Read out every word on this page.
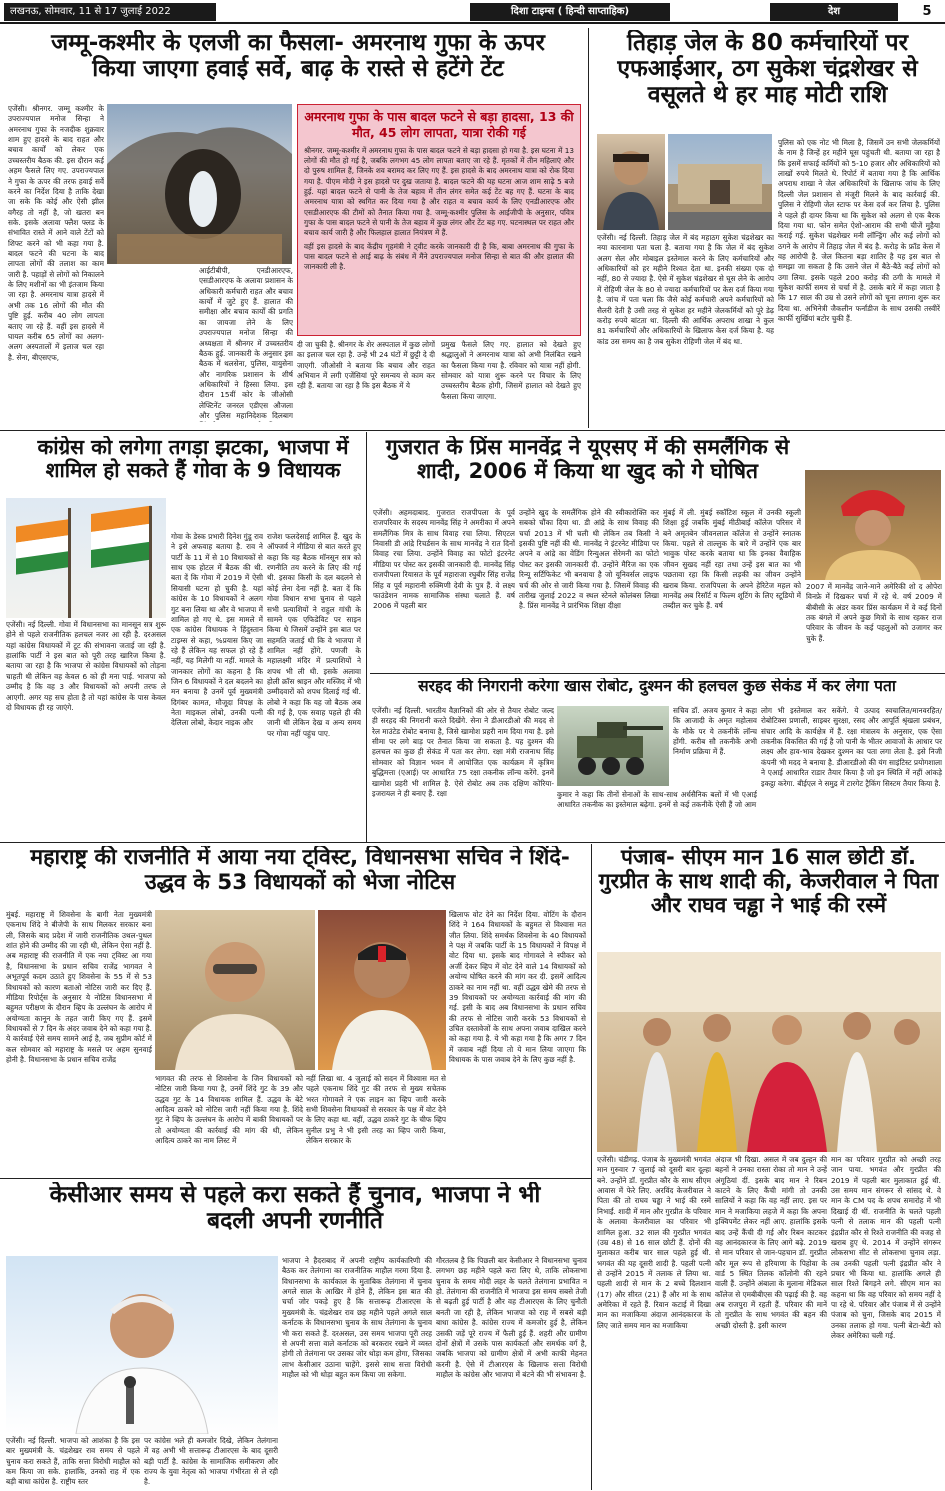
लखनऊ, सोमवार, 11 से 17 जुलाई 2022	दिशा टाइम्स ( हिन्दी साप्ताहिक)	देश	5
जम्मू-कश्मीर के एलजी का फैसला- अमरनाथ गुफा के ऊपर किया जाएगा हवाई सर्वे, बाढ़ के रास्ते से हटेंगे टेंट
एजेंसी। श्रीनगर. जम्मू कश्मीर के उपराज्यपाल मनोज सिन्हा ने अमरनाथ गुफा के नजदीक शुक्रवार शाम हुए हादसे के बाद राहत और बचाव कार्यों को लेकर एक उच्चस्तरीय बैठक की. इस दौरान कई अहम फैसले लिए गए. उपराज्यपाल ने गुफा के ऊपर की तरफ हवाई सर्वे करने का निर्देश दिया है ताकि देखा जा सके कि कोई और ऐसी झील वगैरह तो नहीं है, जो खतरा बन सके. इसके अलावा फ्लैश फ्लड के संभावित रास्ते में आने वाले टेंटों को शिफ्ट करने को भी कहा गया है. बादल फटने की घटना के बाद लापता लोगों की तलाश का काम जारी है. पहाड़ों से लोगों को निकालने के लिए मशीनों का भी इंतजाम किया जा रहा है. अमरनाथ यात्रा हादसे में अभी तक 16 लोगों की मौत की पुष्टि हुई. करीब 40 लोग लापता बताए जा रहे हैं. वहीं इस हादसे में घायल करीब 65 लोगों का अलग-अलग अस्पतालों में इलाज चल रहा है. सेना, बीएसएफ,
आईटीबीपी, एनडीआरएफ, एसडीआरएफ के अलावा प्रशासन के अधिकारी कर्मचारी राहत और बचाव कार्यों में जुटे हुए हैं. हालात की समीक्षा और बचाव कार्यों की प्रगति का जायजा लेने के लिए उपराज्यपाल मनोज सिन्हा की अध्यक्षता में श्रीनगर में उच्चस्तरीय बैठक हुई. जानकारी के अनुसार इस बैठक में थलसेना, पुलिस, वायुसेना और नागरिक प्रशासन के शीर्ष अधिकारियों ने हिस्सा लिया. इस दौरान 15वीं कोर के जीओसी लेफ्टिनेंट जनरल एडीएस औजला और पुलिस महानिदेशक दिलबाग
अमरनाथ गुफा के पास बादल फटने से बड़ा हादसा, 13 की मौत, 45 लोग लापता, यात्रा रोकी गई

श्रीनगर. जम्मू-कश्मीर में अमरनाथ गुफा के पास बादल फटने से बड़ा हादसा हो गया है. इस घटना में 13 लोगों की मौत हो गई है, जबकि लगभग 45 लोग लापता बताए जा रहे हैं. मृतकों में तीन महिलाएं और दो पुरुष शामिल हैं, जिनके शव बरामद कर लिए गए हैं. इस हादसे के बाद अमरनाथ यात्रा को रोक दिया गया है. पीएम मोदी ने इस हादसे पर दुख जताया है. बादल फटने की यह घटना आज शाम साढ़े 5 बजे हुई. यहां बादल फटने से पानी के तेज बहाव में तीन लंगर समेत कई टेंट बह गए हैं. घटना के बाद अमरनाथ यात्रा को स्थगित कर दिया गया है और राहत व बचाव कार्य के लिए एनडीआरएफ और एसडीआरएफ की टीमों को तैनात किया गया है. जम्मू-कश्मीर पुलिस के आईजीपी के अनुसार, पवित्र गुफा के पास बादल फटने से पानी के तेज बहाव में कुछ लंगर और टेंट बह गए. घटनास्थल पर राहत और बचाव कार्य जारी है और फिलहाल हालात नियंत्रण में हैं.

वहीं इस हादसे के बाद केंद्रीय गृहमंत्री ने ट्वीट करके जानकारी दी है कि, बाबा अमरनाथ की गुफा के पास बादल फटने से आई बाढ़ के संबंध में मैंने उपराज्यपाल मनोज सिन्हा से बात की और हालात की जानकारी ली है.

दी जा चुकी है. श्रीनगर के शेर अस्पताल में कुछ लोगों का इलाज चल रहा है. उन्हें भी 24 घंटों में छुट्टी दे दी जाएगी. जीओसी ने बताया कि बचाव और राहत अभियान में लगी एजेंसियां पूरे समन्वय से काम कर रही हैं. बताया जा रहा है कि इस बैठक में ये
प्रमुख फैसले लिए गए. हालात को देखते हुए श्रद्धालुओं ने अमरनाथ यात्रा को अभी निलंबित रखने का फैसला किया गया है. रविवार को यात्रा नहीं होगी. सोमवार को यात्रा शुरू करने पर विचार के लिए उच्चस्तरीय बैठक होगी, जिसमें हालात को देखते हुए फैसला किया जाएगा.
तिहाड़ जेल के 80 कर्मचारियों पर एफआईआर, ठग सुकेश चंद्रशेखर से वसूलते थे हर माह मोटी राशि
एजेंसी। नई दिल्ली. तिहाड़ जेल में बंद महाठग सुकेश चंद्रशेखर का नया कारनामा पता चला है. बताया गया है कि जेल में बंद सुकेश अलग सेल और मोबाइल इस्तेमाल करने के लिए कर्मचारियों और अधिकारियों को हर महीने रिश्वत देता था. इनकी संख्या एक दो नहीं, 80 से ज्यादा है. ऐसे में सुकेश चंद्रशेखर से घूस लेने के आरोप में रोहिणी जेल के 80 से ज्यादा कर्मचारियों पर केस दर्ज किया गया है. जांच में पता चला कि जैसे कोई कर्मचारी अपने कर्मचारियों को सैलरी देती है उसी तरह से सुकेश हर महीने जेलकर्मियों को पूरे डेढ़ करोड़ रुपये बांटता था. दिल्ली की आर्थिक अपराध शाखा ने कुल 81 कर्मचारियों और अधिकारियों के खिलाफ केस दर्ज किया है. यह कांड उस समय का है जब सुकेश रोहिणी जेल में बंद था.
पुलिस को एक नोट भी मिला है, जिसमें उन सभी जेलकर्मियों के नाम है जिन्हें हर महीने घूस पहुंचती थी. बताया जा रहा है कि इसमें सफाई कर्मियों को 5-10 हजार और अधिकारियों को लाखों रुपये मिलते थे. रिपोर्ट में बताया गया है कि आर्थिक अपराध शाखा ने जेल अधिकारियों के खिलाफ जांच के लिए दिल्ली जेल प्रशासन से मंजूरी मिलने के बाद कार्रवाई की. पुलिस ने रोहिणी जेल स्टाफ पर केस दर्ज कर लिया है. पुलिस ने पहले ही दायर किया था कि सुकेश को अलग से एक बैरक दिया गया था. फोन समेत ऐशो-आराम की सभी चीजें मुहैया कराई गई. सुकेश चंद्रशेखर मनी लॉन्ड्रिंग और कई लोगों को ठगने के आरोप में तिहाड़ जेल में बंद है. करोड़ के फ्रॉड केस में वह आरोपी है. जेल कितना बड़ा शातिर है यह इस बात से समझा जा सकता है कि उसने जेल में बैठे-बैठे कई लोगों को उगा लिया. इसके पहले 200 करोड़ की ठगी के मामले में सुकेश कार्फी समय से चर्चा में है. उसके बारे में कहा जाता है कि 17 साल की उम्र से उसने लोगों को चूना लगाना शुरू कर दिया था. अभिनेत्री जैकलीन फर्नांडीज के साथ उसकी तस्वीरें कार्फी सुर्खियां बटोर चुकी हैं.
कांग्रेस को लगेगा तगड़ा झटका, भाजपा में शामिल हो सकते हैं गोवा के 9 विधायक
एजेंसी। नई दिल्ली. गोवा में विधानसभा का मानसून सत्र शुरू होने से पहले राजनीतिक हलचल नजर आ रही है. दरअसल यहां कांग्रेस विधायकों में टूट की संभावना जताई जा रही है. हालांकि पार्टी ने इस बात को पूरी तरह खारिज किया है. बताया जा रहा है कि भाजपा से कांग्रेस विधायकों को तोड़ना चाहती थी लेकिन वह केवल 6 को ही मना पाई. भाजपा को उम्मीद है कि वह 3 और विधायकों को अपनी तरफ ले आएगी. अगर यह सच होता है तो यहां कांग्रेस के पास केवल दो विधायक ही रह जाएंगे.
गोवा के डेस्क प्रभारी दिनेश गुंडू राव ने इसे अफवाह बताया है. राव ने पार्टी के 11 में से 10 विधायकों से साथ एक होटल में बैठक की थी. बता दें कि गोवा में 2019 में ऐसी सियासी घटना हो चुकी है. यहां कांग्रेस के 10 विधायकों ने अलग गुट बना लिया था और वे भाजपा में शामिल हो गए थे. इस मामले में एक कांग्रेस विधायक ने हिंदुस्तान टाइम्स से कहा, %प्रयास किए जा रहे हैं लेकिन यह सफल हो रहे हैं नहीं, यह मिलेगी या नहीं. मामले के जानकार लोगों का कहना है कि जिन 6 विधायकों ने दल बदलने का मन बनाया है उनमें पूर्व मुख्यमंत्री दिगंबर कामत, मौजूदा विपक्ष के नेता माइकल लोबो, उनकी पत्नी देलिला लोबो, केदार नाइक और
राजेश फलदेसाई शामिल हैं. खुद के ऑफ्जर्व ने मीडिया से बात करते हुए कहा कि यह बैठक मॉनसून सत्र को रणनीति तय करने के लिए की गई थी. इसका किसी के दल बदलने से कोई लेना देना नहीं है. बता दें कि गोवा विधान सभा चुनाव से पहले सभी प्रत्याशियों ने राहुल गांधी के सामने एक एफिडेविट पर साइन किया थे जिसमें उन्होंने इस बात पर सहमति जताई थी कि वे भाजपा में शामिल नहीं होंगे. पणजी के महालक्ष्मी मंदिर में प्रत्याशियों ने शपथ भी ली थी. इसके अलावा होली क्रॉस श्राइन और मस्जिद में भी उम्मीदवारों को शपथ दिलाई गई थी. लोबो ने कहा कि यह जो बैठक अब की गई है, एक सवाह पहले ही की जानी थी लेकिन देख व अन्य समय पर गोवा नहीं पहुंच पाए.
गुजरात के प्रिंस मानवेंद्र ने यूएसए में की समलैंगिक से शादी, 2006 में किया था खुद को गे घोषित
एजेंसी। अहमदाबाद. गुजरात राजपीपला के पूर्व राजपरिवार के सदस्य मानवेंद्र सिंह ने अमरीका में अपने समलैंगिक मित्र के साथ विवाह रचा लिया. सिएटल निवासी डी आंद्रे रिचर्डसन के साथ मानवेंद्र ने रात दिनों विवाह रचा लिया. उन्होंने विवाह का फोटो इंटरनेट मीडिया पर पोस्ट कर इसकी जानकारी दी. मानवेंद्र सिंह राजपीपला रियासत के पूर्व महाराजा रघुबीर सिंह राजेंद्र सिंह व पूर्व महारानी रुक्मिणी देवी के पुत्र हैं. वे लक्ष्य फाउंडेशन नामक सामाजिक संस्था चलाते हैं. वर्ष 2006 में पहली बार
उन्होंने खुद के समलैंगिक होने की स्वीकारोक्ति कर सबको चौंका दिया था. डी आंद्रे के साथ विवाह की चर्चा 2013 में भी चली थी लेकिन तब किसी ने इसकी पुष्टि नहीं की थी. मानवेंद्र ने इंटरनेट मीडिया पर अपने व आंद्रे का वेडिंग रिन्युअल सेरेमनी का फोटो पोस्ट कर इसकी जानकारी दी. उन्होंने मैरिज का एक रिन्यू सर्टिफिकेट भी बनवाया है जो यूनिवर्सल लाइफ चर्च की ओर से जारी किया गया है. जिसमें विवाह की तारीख जुलाई 2022 व स्थल स्टेनले कोलंबस लिखा है. प्रिंस मानवेंद्र ने प्रारंभिक शिक्षा दीक्षा
मुंबई में ली. मुंबई स्कॉटिश स्कूल में उनकी स्कूली शिक्षा हुई जबकि मुंबई मीठीबाई कॉलेज परिसर में बने अमृतबेन जीवनलाल कॉलेज से उन्होंने स्नातक किया. पहले से ताल्लुक के बारे में उन्होंने एक बार भावुक पोस्ट करके बताया था कि इनका वैवाहिक जीवन सुखद नहीं रहा तथा उन्हें इस बात का भी पछतावा रहा कि किसी लड़की का जीवन उन्होंने खराब किया. राजपिपला के अपने हेरिटेज महल को मानवेंद्र अब रिसॉर्ट व फिल्म शूटिंग के लिए स्टूडियो में तब्दील कर चुके हैं. वर्ष
2007 में मानवेंद्र जाने-माने अमेरिकी शो द ओपेरा विनफ्रे में दिखकर चर्चा में रहे थे. वर्ष 2009 में बीबीसी के अंडर कवर प्रिंस कार्यक्रम में वे कई दिनों तक बंगले में अपने कुछ मित्रों के साथ रहकर राज परिवार के जीवन के कई पहलुओं को उजागर कर चुके हैं.
सरहद की निगरानी करेगा खास रोबोट, दुश्मन की हलचल कुछ सेकंड में कर लेगा पता
एजेंसी। नई दिल्ली. भारतीय वैज्ञानिकों की ओर से तैयार रोबोट जल्द ही सरहद की निगरानी करते दिखेंगे. सेना ने डीआरडीओ की मदद से रेल माउंटेड रोबोट बनाया है, जिसे खामोश प्रहरी नाम दिया गया है. इसे सीमा पर लगे बाड़ पर तैनात किया जा सकता है. यह दुश्मन की हलचल का कुछ ही सेकंड में पता कर लेगा. रक्षा मंत्री राजनाथ सिंह सोमवार को विज्ञान भवन में आयोजित एक कार्यक्रम में कृत्रिम बुद्धिमत्ता (एआई) पर आधारित 75 रक्षा तकनीक लॉन्च करेंगे. इनमें खामोश प्रहरी भी शामिल है. ऐसे रोबोट अब तक दक्षिण कोरिया-इजरायल ने ही बनाए हैं. रक्षा
सचिव डॉ. अजय कुमार ने कहा कि आजादी के अमृत महोत्सव के मौके पर ये तकनीकें लॉन्च होंगी. करीब सौ तकनीकें अभी निर्माण प्रक्रिया में हैं.
कुमार ने कहा कि तीनों सेनाओं के साथ-साथ अर्धसैनिक बलों में भी एआई आधारित तकनीक का इस्तेमाल बढ़ेगा. इनमें से कई तकनीकें ऐसी हैं जो आम
लोग भी इस्तेमाल कर सकेंगे. ये उत्पाद स्वचालित/मानवरहित/रोबोटिक्स प्रणाली, साइबर सुरक्षा, रसद और आपूर्ति श्रृंखला प्रबंधन, संचार आदि के कार्यक्षेत्र में हैं. रक्षा मंत्रालय के अनुसार, एक ऐसा तकनीक विकसित की गई है जो पानी के भीतर आवाजों के आधार पर लक्ष्य और हाव-भाव देखकर दुश्मन का पता लगा लेता है. इसे निजी कंपनी भी मदद ने बनाया है. डीआरडीओ की यंग साइंटिस्ट प्रयोगशाला ने एआई आधारित राडार तैयार किया है जो इन स्थिति में नहीं आंकड़े इकट्ठा करेगा. बीईएल ने समुद्र में टारगेट ट्रैकिंग सिस्टम तैयार किया है.
महाराष्ट्र की राजनीति में आया नया ट्विस्ट, विधानसभा सचिव ने शिंदे-उद्धव के 53 विधायकों को भेजा नोटिस
मुंबई. महाराष्ट्र में शिवसेना के बागी नेता मुख्यमंत्री एकनाथ शिंदे ने बीजेपी के साथ मिलकर सरकार बना ली, जिसके बाद प्रदेश में जारी राजनीतिक उथल-पुथल शांत होने की उम्मीद की जा रही थी, लेकिन ऐसा नहीं है. अब महाराष्ट्र की राजनीति में एक नया ट्विस्ट आ गया है, विधानसभा के प्रधान सचिव राजेंद्र भागवत ने अभूतपूर्व कदम उठाते हुए शिवसेना के 55 में से 53 विधायकों को कारण बताओ नोटिस जारी कर दिए हैं. मीडिया रिपोर्ट्स के अनुसार ये नोटिस विधानसभा में बहुमत परीक्षण के दौरान व्हिप के उल्लंघन के आरोप में अयोग्यता कानून के तहत जारी किए गए हैं. इसमें विधायकों से 7 दिन के अंदर जवाब देने को कहा गया है. ये कार्रवाई ऐसे समय सामने आई है, जब सुप्रीम कोर्ट में कल सोमवार को महाराष्ट्र के मसले पर अहम सुनवाई होनी है. विधानसभा के प्रधान सचिव राजेंद्र
भागवत की तरफ से शिवसेना के जिन विधायकों को नोटिस जारी किया गया है, उनमें शिंदे गुट के 39 और उद्धव गुट के 14 विधायक शामिल हैं. उद्धव के बेटे आदित्य ठाकरे को नोटिस जारी नहीं किया गया है. शिंदे गुट ने व्हिप के उल्लंघन के आरोप में बाकी विधायकों पर तो अयोग्यता की कार्रवाई की मांग की थी, लेकिन आदित्य ठाकरे का नाम लिस्ट में
नहीं लिखा था. 4 जुलाई को सदन में विश्वास मत से पहले एकनाथ शिंदे गुट की तरफ से मुख्य सचेतक भरत गोगावले ने एक लाइन का व्हिप जारी करके सभी शिवसेना विधायकों से सरकार के पक्ष में वोट देने के लिए कहा था. वहीं, उद्धव ठाकरे गुट के चीफ व्हिप सुनील प्रभु ने भी इसी तरह का व्हिप जारी किया, लेकिन सरकार के
खिलाफ वोट देने का निर्देश दिया. वोटिंग के दौरान शिंदे ने 164 विधायकों के बहुमत से विश्वास मत जीत लिया. शिंदे समर्थक शिवसेना के 40 विधायकों ने पक्ष में जबकि पार्टी के 15 विधायकों ने विपक्ष में वोट दिया था. इसके बाद गोगावले ने स्पीकर को अर्जी देकर व्हिप में वोट देने वाले 14 विधायकों को अयोग्य घोषित करने की मांग कर दी. इसमें आदित्य ठाकरे का नाम नहीं था. वहीं उद्धव खेमे की तरफ से 39 विधायकों पर अयोग्यता कार्रवाई की मांग की गई. इसी के बाद अब विधानसभा के प्रधान सचिव की तरफ से नोटिस जारी करके 53 विधायकों से उचित दस्तावेजों के साथ अपना जवाब दाखिल करने को कहा गया है. ये भी कहा गया है कि अगर 7 दिन में जवाब नहीं दिया तो ये मान लिया जाएगा कि विधायक के पास जवाब देने के लिए कुछ नहीं है.
पंजाब- सीएम मान 16 साल छोटी डॉ. गुरप्रीत के साथ शादी की, केजरीवाल ने पिता और राघव चड्ढा ने भाई की रस्में
एजेंसी। चंडीगढ़. पंजाब के मुख्यमंत्री भगवंत मान गुरुवार 7 जुलाई को दूसरी बार दूल्हा बने. उन्होंने डॉ. गुरप्रीत कौर के साथ सीएम आवास में फेरे लिए. अरविंद केजरीवाल ने पिता की तो राघव चड्ढा ने भाई की रस्में निभाईं. शादी में मान और गुरप्रीत के परिवार के अलावा केजरीवाल का परिवार भी शामिल हुआ. 32 साल की गुरप्रीत भगवंत (उम्र 48) से 16 साल छोटी हैं. दोनों की मुलाकात करीब चार साल पहले हुई थी. भगवंत की यह दूसरी शादी है. पहली पत्नी से उन्होंने 2015 में तलाक ले लिया था. पहली शादी से मान के 2 बच्चे दिलशान (17) और सीरत (21) हैं और मां के साथ अमेरिका में रहते हैं. रिवान कटाई में दिखा मान का मजाकिया अंदाज आनंदकारज के लिए जाते समय मान का मजाकिया
अंदाज भी दिखा. असल में जब दुल्हन की बहनों ने उनका रास्ता रोका तो मान ने उन्हें अंगूठियां दीं. इसके बाद मान ने रिबन काटने के लिए कैंची मांगी तो उनकी सालियों ने कहा कि वह नहीं लाए. इस पर मान ने मजाकिया लहजे में कहा कि अपना इक्विपमेंट लेकर नहीं आए. हालांकि इसके बाद उन्हें कैंची दी गई और रिबन काटकर वह आनंदकारज के लिए आगे बढ़े. 2019 से मान परिवार से जान-पहचान डॉ. गुरप्रीत कौर मूल रूप से हरियाणा के पिहोवा के वार्ड 5 स्थित तिलक कॉलोनी की रहने वाली हैं. उन्होंने अंबाला के मुलाना मेडिकल कॉलेज से एमबीबीएस की पढ़ाई की है. वह अब राजपुरा में रहती हैं. परिवार की मानें तो गुरप्रीत के साथ भगवंत की बहन की अच्छी दोस्ती है. इसी कारण
मान का परिवार गुरप्रीत को अच्छी तरह जान पाया. भगवंत और गुरप्रीत की 2019 में पहली बार मुलाकात हुई थी. उस समय मान संगरूर से सांसद थे. वे मान के CM पद के शपथ समारोह में भी दिखाई दी थीं. राजनीति के चलते पहली पत्नी से तलाक मान की पहली पत्नी इंद्रप्रीत कौर से रिश्ते राजनीति की वजह से खराब हुए थे. 2014 में उन्होंने संगरूर लोकसभा सीट से लोकसभा चुनाव लड़ा. तब उनकी पहली पत्नी इंद्रप्रीत कौर ने प्रचार भी किया था. हालांकि अगले ही साल रिश्ते बिगड़ने लगे. सीएम मान का कहना था कि वह परिवार को समय नहीं दे पा रहे थे. परिवार और पंजाब में से उन्होंने पंजाब को चुना, जिसके बाद 2015 में उनका तलाक हो गया. पत्नी बेटा-बेटी को लेकर अमेरिका चली गई.
केसीआर समय से पहले करा सकते हैं चुनाव, भाजपा ने भी बदली अपनी रणनीति
एजेंसी। नई दिल्ली. भाजपा को आशंका है कि इस बार मुख्यमंत्री के. चंद्रशेखर राव समय से पहले चुनाव करा सकते हैं, ताकि सत्ता विरोधी माहौल को कम किया जा सके. हालांकि, उनको राह में एक बड़ी बाधा कांग्रेस है. राष्ट्रीय स्तर
पर कांग्रेस भले ही कमजोर दिखे, लेकिन तेलंगाना में वह अभी भी सत्तारूढ़ टीआरएस के बाद दूसरी बड़ी पार्टी है. कांग्रेस के सामाजिक समीकरण और राज्य के युवा नेतृत्व को भाजपा गंभीरता से ले रही है.
भाजपा ने हैदराबाद में अपनी राष्ट्रीय कार्यकारिणी की बैठक कर तेलंगाना का राजनीतिक माहौल गरमा दिया है. विधानसभा के कार्यकाल के मुताबिक तेलंगाना में चुनाव अगले साल के आखिर में होने हैं, लेकिन इस बात की चर्चा जोर पकड़े हुए है कि सत्तारूढ़ टीआरएस के मुख्यमंत्री के. चंद्रशेखर राव छह महीने पहले अगले साल कर्नाटक के विधानसभा चुनाव के साथ तेलंगाना के चुनाव भी करा सकते हैं. दरअसल, उस समय भाजपा पूरी तरह से अपनी सत्ता वाले कर्नाटक को बरकरार रखने में व्यस्त होगी तो तेलंगाना पर उसका जोर थोड़ा कम होगा, जिसका लाभ केसीआर उठाना चाहेंगे. इससे साथ सत्ता विरोधी माहौल को भी थोड़ा बहुत कम किया जा सकेगा.
गौरतलब है कि पिछली बार केसीआर ने विधानसभा चुनाव लगभग छह महीने पहले करा लिए थे, ताकि लोकसभा चुनाव के समय मोदी लहर के चलते तेलंगाना प्रभावित न हो. तेलंगाना की राजनीति में भाजपा इस समय सबसे तेजी से बढ़ती हुई पार्टी है और वह टीआरएस के लिए चुनौती बनती जा रही है, लेकिन भाजपा को राह में सबसे बड़ी बाधा कांग्रेस है. कांग्रेस राज्य में कमजोर हुई है, लेकिन उसकी जड़ें पूरे राज्य में फैली हुई हैं. शहरी और ग्रामीण दोनों क्षेत्रों में उसके पास कार्यकर्ता और समर्थक वर्ग है, जबकि भाजपा को ग्रामीण क्षेत्रों में अभी काफी मेहनत करनी है. ऐसे में टीआरएस के खिलाफ सत्ता विरोधी माहौल के कांग्रेस और भाजपा में बंटने की भी संभावना है.
